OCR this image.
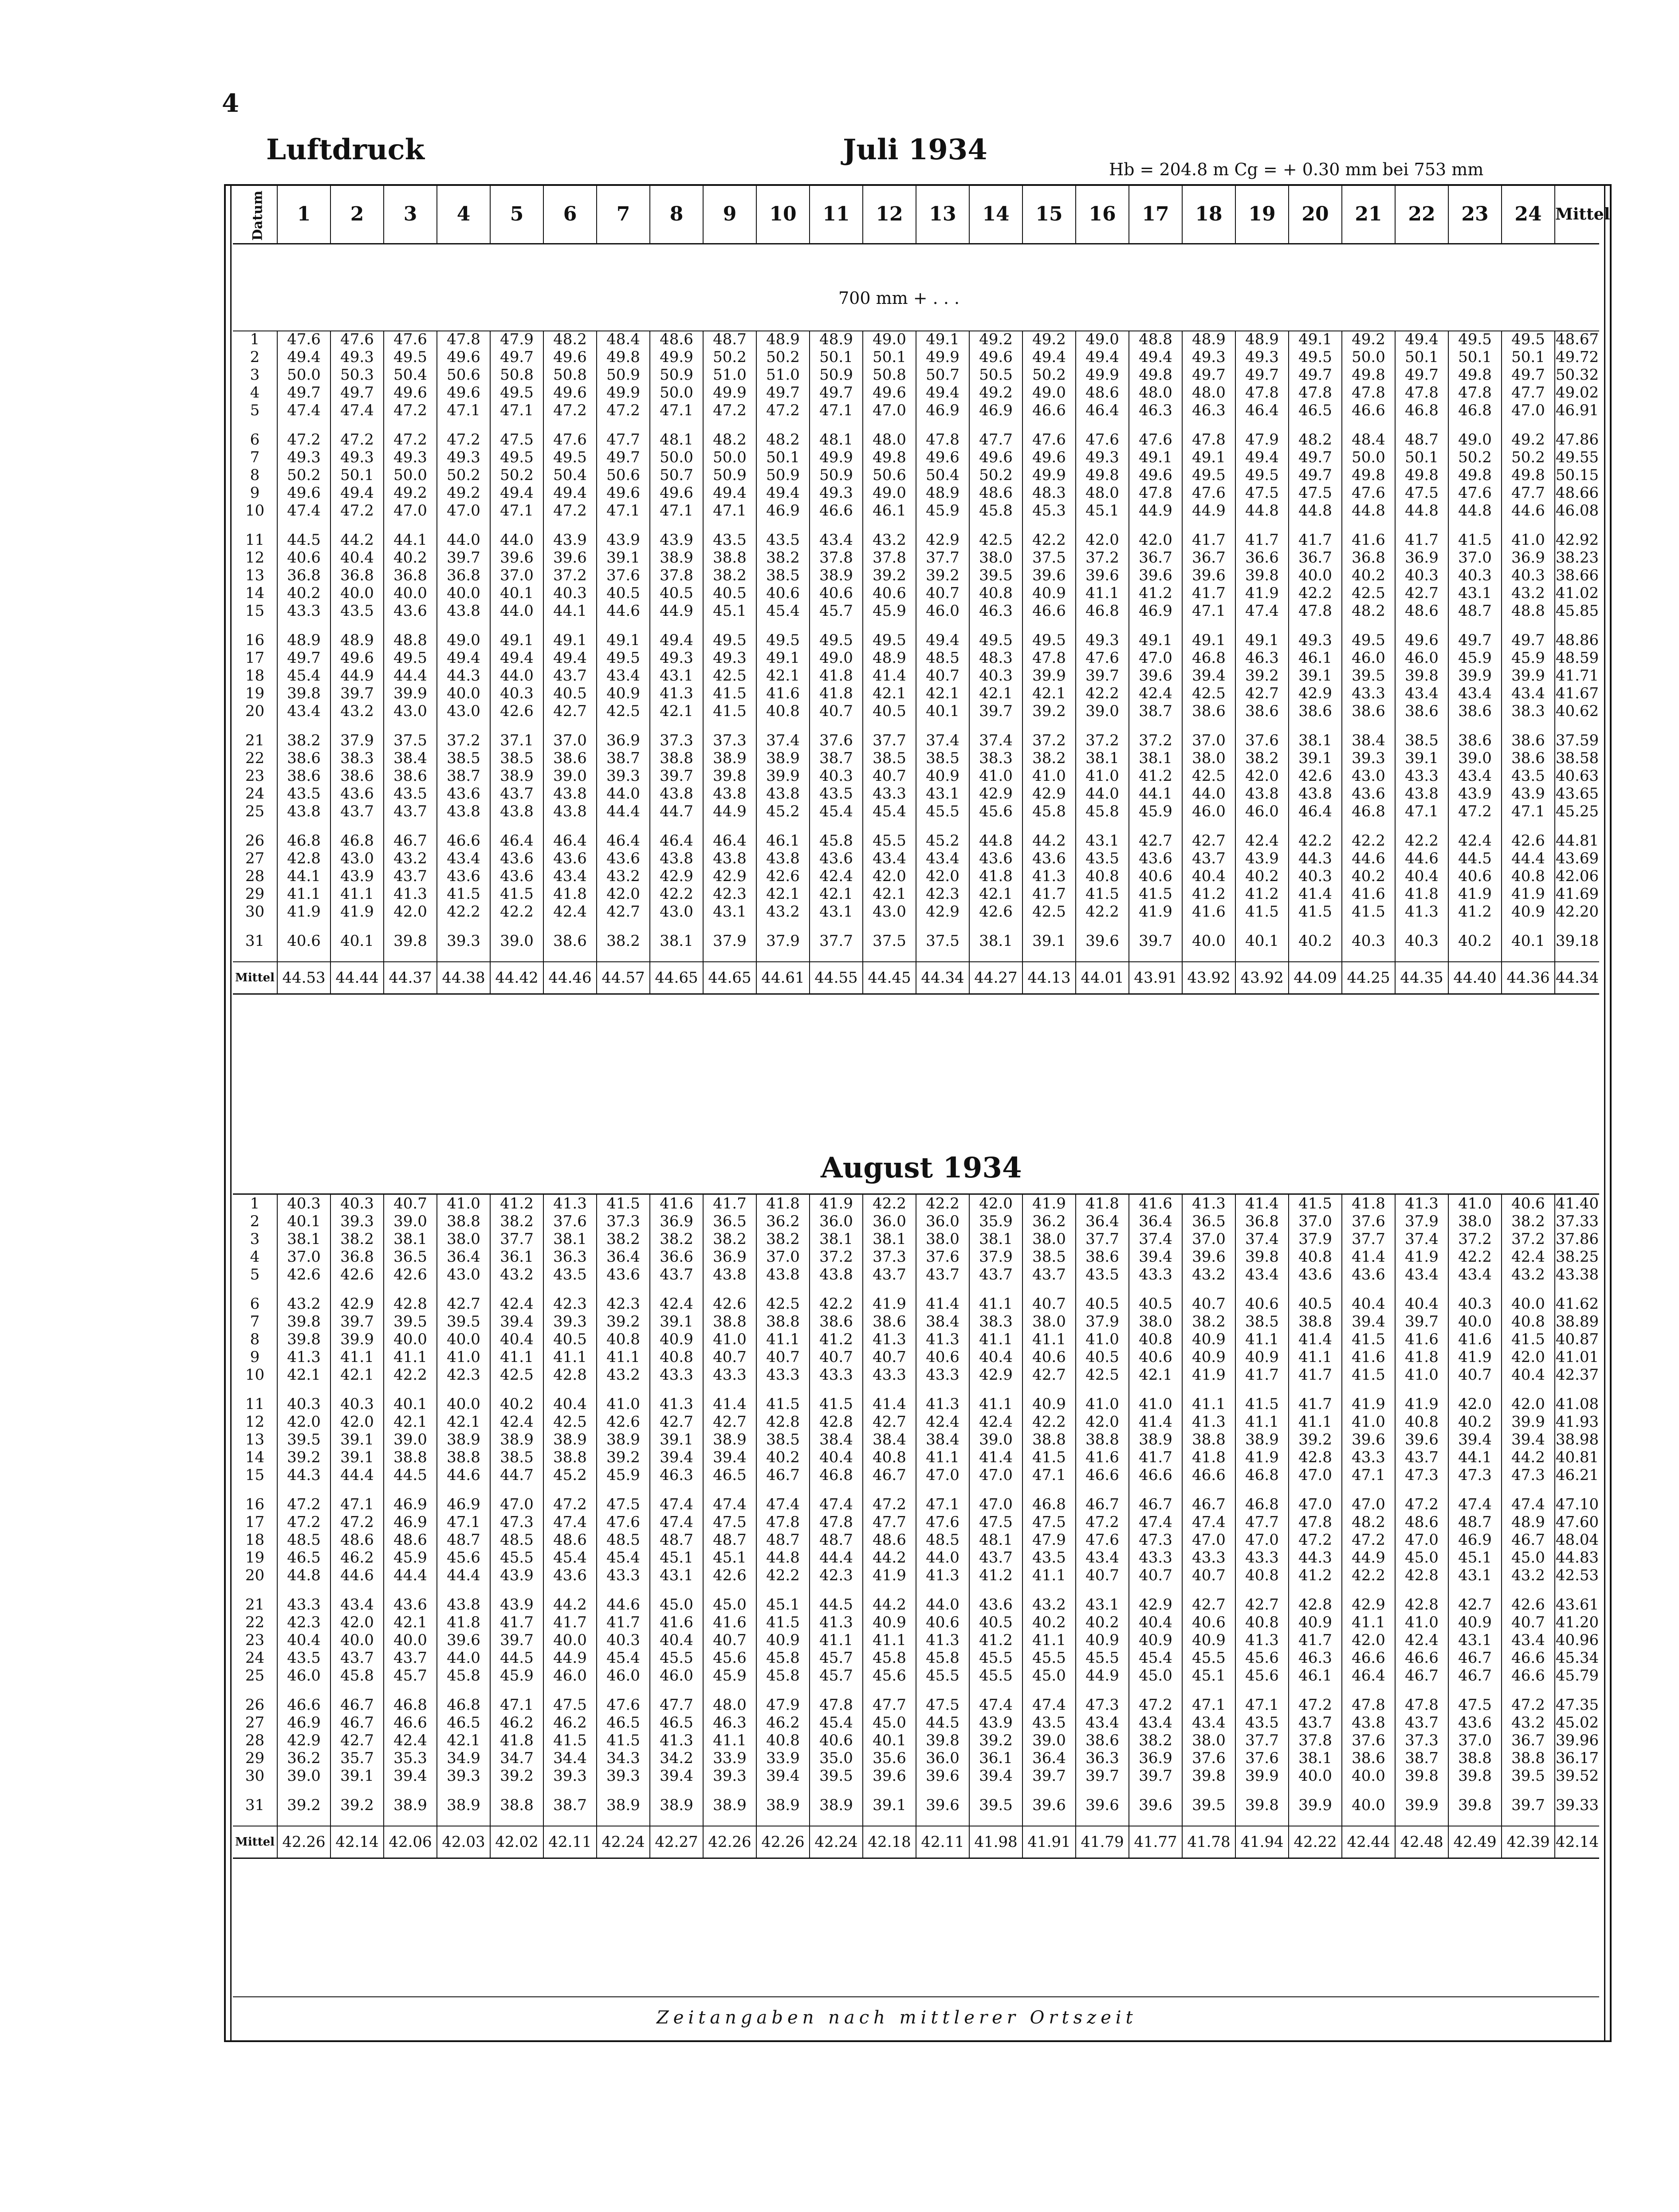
4
Luftdruck	Juli 1934
Hb = 204.8 m Cg = + 0.30 mm bei 753 mm
Datum	1	2	3	4	5	6	7	8	9	10	11	12	13	14	15	16	17	18	19	20	21	22	23	24	Mittel
700 mm + . . .
1	47.6	47.6	47.6	47.8	47.9	48.2	48.4	48.6	48.7	48.9	48.9	49.0	49.1	49.2	49.2	49.0	48.8	48.9	48.9	49.1	49.2	49.4	49.5	49.5	48.67
2	49.4	49.3	49.5	49.6	49.7	49.6	49.8	49.9	50.2	50.2	50.1	50.1	49.9	49.6	49.4	49.4	49.4	49.3	49.3	49.5	50.0	50.1	50.1	50.1	49.72
3	50.0	50.3	50.4	50.6	50.8	50.8	50.9	50.9	51.0	51.0	50.9	50.8	50.7	50.5	50.2	49.9	49.8	49.7	49.7	49.7	49.8	49.7	49.8	49.7	50.32
4	49.7	49.7	49.6	49.6	49.5	49.6	49.9	50.0	49.9	49.7	49.7	49.6	49.4	49.2	49.0	48.6	48.0	48.0	47.8	47.8	47.8	47.8	47.8	47.7	49.02
5	47.4	47.4	47.2	47.1	47.1	47.2	47.2	47.1	47.2	47.2	47.1	47.0	46.9	46.9	46.6	46.4	46.3	46.3	46.4	46.5	46.6	46.8	46.8	47.0	46.91

6	47.2	47.2	47.2	47.2	47.5	47.6	47.7	48.1	48.2	48.2	48.1	48.0	47.8	47.7	47.6	47.6	47.6	47.8	47.9	48.2	48.4	48.7	49.0	49.2	47.86
7	49.3	49.3	49.3	49.3	49.5	49.5	49.7	50.0	50.0	50.1	49.9	49.8	49.6	49.6	49.6	49.3	49.1	49.1	49.4	49.7	50.0	50.1	50.2	50.2	49.55
8	50.2	50.1	50.0	50.2	50.2	50.4	50.6	50.7	50.9	50.9	50.9	50.6	50.4	50.2	49.9	49.8	49.6	49.5	49.5	49.7	49.8	49.8	49.8	49.8	50.15
9	49.6	49.4	49.2	49.2	49.4	49.4	49.6	49.6	49.4	49.4	49.3	49.0	48.9	48.6	48.3	48.0	47.8	47.6	47.5	47.5	47.6	47.5	47.6	47.7	48.66
10	47.4	47.2	47.0	47.0	47.1	47.2	47.1	47.1	47.1	46.9	46.6	46.1	45.9	45.8	45.3	45.1	44.9	44.9	44.8	44.8	44.8	44.8	44.8	44.6	46.08

11	44.5	44.2	44.1	44.0	44.0	43.9	43.9	43.9	43.5	43.5	43.4	43.2	42.9	42.5	42.2	42.0	42.0	41.7	41.7	41.7	41.6	41.7	41.5	41.0	42.92
12	40.6	40.4	40.2	39.7	39.6	39.6	39.1	38.9	38.8	38.2	37.8	37.8	37.7	38.0	37.5	37.2	36.7	36.7	36.6	36.7	36.8	36.9	37.0	36.9	38.23
13	36.8	36.8	36.8	36.8	37.0	37.2	37.6	37.8	38.2	38.5	38.9	39.2	39.2	39.5	39.6	39.6	39.6	39.6	39.8	40.0	40.2	40.3	40.3	40.3	38.66
14	40.2	40.0	40.0	40.0	40.1	40.3	40.5	40.5	40.5	40.6	40.6	40.6	40.7	40.8	40.9	41.1	41.2	41.7	41.9	42.2	42.5	42.7	43.1	43.2	41.02
15	43.3	43.5	43.6	43.8	44.0	44.1	44.6	44.9	45.1	45.4	45.7	45.9	46.0	46.3	46.6	46.8	46.9	47.1	47.4	47.8	48.2	48.6	48.7	48.8	45.85

16	48.9	48.9	48.8	49.0	49.1	49.1	49.1	49.4	49.5	49.5	49.5	49.5	49.4	49.5	49.5	49.3	49.1	49.1	49.1	49.3	49.5	49.6	49.7	49.7	48.86
17	49.7	49.6	49.5	49.4	49.4	49.4	49.5	49.3	49.3	49.1	49.0	48.9	48.5	48.3	47.8	47.6	47.0	46.8	46.3	46.1	46.0	46.0	45.9	45.9	48.59
18	45.4	44.9	44.4	44.3	44.0	43.7	43.4	43.1	42.5	42.1	41.8	41.4	40.7	40.3	39.9	39.7	39.6	39.4	39.2	39.1	39.5	39.8	39.9	39.9	41.71
19	39.8	39.7	39.9	40.0	40.3	40.5	40.9	41.3	41.5	41.6	41.8	42.1	42.1	42.1	42.1	42.2	42.4	42.5	42.7	42.9	43.3	43.4	43.4	43.4	41.67
20	43.4	43.2	43.0	43.0	42.6	42.7	42.5	42.1	41.5	40.8	40.7	40.5	40.1	39.7	39.2	39.0	38.7	38.6	38.6	38.6	38.6	38.6	38.6	38.3	40.62

21	38.2	37.9	37.5	37.2	37.1	37.0	36.9	37.3	37.3	37.4	37.6	37.7	37.4	37.4	37.2	37.2	37.2	37.0	37.6	38.1	38.4	38.5	38.6	38.6	37.59
22	38.6	38.3	38.4	38.5	38.5	38.6	38.7	38.8	38.9	38.9	38.7	38.5	38.5	38.3	38.2	38.1	38.1	38.0	38.2	39.1	39.3	39.1	39.0	38.6	38.58
23	38.6	38.6	38.6	38.7	38.9	39.0	39.3	39.7	39.8	39.9	40.3	40.7	40.9	41.0	41.0	41.0	41.2	42.5	42.0	42.6	43.0	43.3	43.4	43.5	40.63
24	43.5	43.6	43.5	43.6	43.7	43.8	44.0	43.8	43.8	43.8	43.5	43.3	43.1	42.9	42.9	44.0	44.1	44.0	43.8	43.8	43.6	43.8	43.9	43.9	43.65
25	43.8	43.7	43.7	43.8	43.8	43.8	44.4	44.7	44.9	45.2	45.4	45.4	45.5	45.6	45.8	45.8	45.9	46.0	46.0	46.4	46.8	47.1	47.2	47.1	45.25

26	46.8	46.8	46.7	46.6	46.4	46.4	46.4	46.4	46.4	46.1	45.8	45.5	45.2	44.8	44.2	43.1	42.7	42.7	42.4	42.2	42.2	42.2	42.4	42.6	44.81
27	42.8	43.0	43.2	43.4	43.6	43.6	43.6	43.8	43.8	43.8	43.6	43.4	43.4	43.6	43.6	43.5	43.6	43.7	43.9	44.3	44.6	44.6	44.5	44.4	43.69
28	44.1	43.9	43.7	43.6	43.6	43.4	43.2	42.9	42.9	42.6	42.4	42.0	42.0	41.8	41.3	40.8	40.6	40.4	40.2	40.3	40.2	40.4	40.6	40.8	42.06
29	41.1	41.1	41.3	41.5	41.5	41.8	42.0	42.2	42.3	42.1	42.1	42.1	42.3	42.1	41.7	41.5	41.5	41.2	41.2	41.4	41.6	41.8	41.9	41.9	41.69
30	41.9	41.9	42.0	42.2	42.2	42.4	42.7	43.0	43.1	43.2	43.1	43.0	42.9	42.6	42.5	42.2	41.9	41.6	41.5	41.5	41.5	41.3	41.2	40.9	42.20

31	40.6	40.1	39.8	39.3	39.0	38.6	38.2	38.1	37.9	37.9	37.7	37.5	37.5	38.1	39.1	39.6	39.7	40.0	40.1	40.2	40.3	40.3	40.2	40.1	39.18

Mittel	44.53	44.44	44.37	44.38	44.42	44.46	44.57	44.65	44.65	44.61	44.55	44.45	44.34	44.27	44.13	44.01	43.91	43.92	43.92	44.09	44.25	44.35	44.40	44.36	44.34
August 1934
1	40.3	40.3	40.7	41.0	41.2	41.3	41.5	41.6	41.7	41.8	41.9	42.2	42.2	42.0	41.9	41.8	41.6	41.3	41.4	41.5	41.8	41.3	41.0	40.6	41.40
2	40.1	39.3	39.0	38.8	38.2	37.6	37.3	36.9	36.5	36.2	36.0	36.0	36.0	35.9	36.2	36.4	36.4	36.5	36.8	37.0	37.6	37.9	38.0	38.2	37.33
3	38.1	38.2	38.1	38.0	37.7	38.1	38.2	38.2	38.2	38.2	38.1	38.1	38.0	38.1	38.0	37.7	37.4	37.0	37.4	37.9	37.7	37.4	37.2	37.2	37.86
4	37.0	36.8	36.5	36.4	36.1	36.3	36.4	36.6	36.9	37.0	37.2	37.3	37.6	37.9	38.5	38.6	39.4	39.6	39.8	40.8	41.4	41.9	42.2	42.4	38.25
5	42.6	42.6	42.6	43.0	43.2	43.5	43.6	43.7	43.8	43.8	43.8	43.7	43.7	43.7	43.7	43.5	43.3	43.2	43.4	43.6	43.6	43.4	43.4	43.2	43.38

6	43.2	42.9	42.8	42.7	42.4	42.3	42.3	42.4	42.6	42.5	42.2	41.9	41.4	41.1	40.7	40.5	40.5	40.7	40.6	40.5	40.4	40.4	40.3	40.0	41.62
7	39.8	39.7	39.5	39.5	39.4	39.3	39.2	39.1	38.8	38.8	38.6	38.6	38.4	38.3	38.0	37.9	38.0	38.2	38.5	38.8	39.4	39.7	40.0	40.8	38.89
8	39.8	39.9	40.0	40.0	40.4	40.5	40.8	40.9	41.0	41.1	41.2	41.3	41.3	41.1	41.1	41.0	40.8	40.9	41.1	41.4	41.5	41.6	41.6	41.5	40.87
9	41.3	41.1	41.1	41.0	41.1	41.1	41.1	40.8	40.7	40.7	40.7	40.7	40.6	40.4	40.6	40.5	40.6	40.9	40.9	41.1	41.6	41.8	41.9	42.0	41.01
10	42.1	42.1	42.2	42.3	42.5	42.8	43.2	43.3	43.3	43.3	43.3	43.3	43.3	42.9	42.7	42.5	42.1	41.9	41.7	41.7	41.5	41.0	40.7	40.4	42.37

11	40.3	40.3	40.1	40.0	40.2	40.4	41.0	41.3	41.4	41.5	41.5	41.4	41.3	41.1	40.9	41.0	41.0	41.1	41.5	41.7	41.9	41.9	42.0	42.0	41.08
12	42.0	42.0	42.1	42.1	42.4	42.5	42.6	42.7	42.7	42.8	42.8	42.7	42.4	42.4	42.2	42.0	41.4	41.3	41.1	41.1	41.0	40.8	40.2	39.9	41.93
13	39.5	39.1	39.0	38.9	38.9	38.9	38.9	39.1	38.9	38.5	38.4	38.4	38.4	39.0	38.8	38.8	38.9	38.8	38.9	39.2	39.6	39.6	39.4	39.4	38.98
14	39.2	39.1	38.8	38.8	38.5	38.8	39.2	39.4	39.4	40.2	40.4	40.8	41.1	41.4	41.5	41.6	41.7	41.8	41.9	42.8	43.3	43.7	44.1	44.2	40.81
15	44.3	44.4	44.5	44.6	44.7	45.2	45.9	46.3	46.5	46.7	46.8	46.7	47.0	47.0	47.1	46.6	46.6	46.6	46.8	47.0	47.1	47.3	47.3	47.3	46.21

16	47.2	47.1	46.9	46.9	47.0	47.2	47.5	47.4	47.4	47.4	47.4	47.2	47.1	47.0	46.8	46.7	46.7	46.7	46.8	47.0	47.0	47.2	47.4	47.4	47.10
17	47.2	47.2	46.9	47.1	47.3	47.4	47.6	47.4	47.5	47.8	47.8	47.7	47.6	47.5	47.5	47.2	47.4	47.4	47.7	47.8	48.2	48.6	48.7	48.9	47.60
18	48.5	48.6	48.6	48.7	48.5	48.6	48.5	48.7	48.7	48.7	48.7	48.6	48.5	48.1	47.9	47.6	47.3	47.0	47.0	47.2	47.2	47.0	46.9	46.7	48.04
19	46.5	46.2	45.9	45.6	45.5	45.4	45.4	45.1	45.1	44.8	44.4	44.2	44.0	43.7	43.5	43.4	43.3	43.3	43.3	44.3	44.9	45.0	45.1	45.0	44.83
20	44.8	44.6	44.4	44.4	43.9	43.6	43.3	43.1	42.6	42.2	42.3	41.9	41.3	41.2	41.1	40.7	40.7	40.7	40.8	41.2	42.2	42.8	43.1	43.2	42.53

21	43.3	43.4	43.6	43.8	43.9	44.2	44.6	45.0	45.0	45.1	44.5	44.2	44.0	43.6	43.2	43.1	42.9	42.7	42.7	42.8	42.9	42.8	42.7	42.6	43.61
22	42.3	42.0	42.1	41.8	41.7	41.7	41.7	41.6	41.6	41.5	41.3	40.9	40.6	40.5	40.2	40.2	40.4	40.6	40.8	40.9	41.1	41.0	40.9	40.7	41.20
23	40.4	40.0	40.0	39.6	39.7	40.0	40.3	40.4	40.7	40.9	41.1	41.1	41.3	41.2	41.1	40.9	40.9	40.9	41.3	41.7	42.0	42.4	43.1	43.4	40.96
24	43.5	43.7	43.7	44.0	44.5	44.9	45.4	45.5	45.6	45.8	45.7	45.8	45.8	45.5	45.5	45.5	45.4	45.5	45.6	46.3	46.6	46.6	46.7	46.6	45.34
25	46.0	45.8	45.7	45.8	45.9	46.0	46.0	46.0	45.9	45.8	45.7	45.6	45.5	45.5	45.0	44.9	45.0	45.1	45.6	46.1	46.4	46.7	46.7	46.6	45.79

26	46.6	46.7	46.8	46.8	47.1	47.5	47.6	47.7	48.0	47.9	47.8	47.7	47.5	47.4	47.4	47.3	47.2	47.1	47.1	47.2	47.8	47.8	47.5	47.2	47.35
27	46.9	46.7	46.6	46.5	46.2	46.2	46.5	46.5	46.3	46.2	45.4	45.0	44.5	43.9	43.5	43.4	43.4	43.4	43.5	43.7	43.8	43.7	43.6	43.2	45.02
28	42.9	42.7	42.4	42.1	41.8	41.5	41.5	41.3	41.1	40.8	40.6	40.1	39.8	39.2	39.0	38.6	38.2	38.0	37.7	37.8	37.6	37.3	37.0	36.7	39.96
29	36.2	35.7	35.3	34.9	34.7	34.4	34.3	34.2	33.9	33.9	35.0	35.6	36.0	36.1	36.4	36.3	36.9	37.6	37.6	38.1	38.6	38.7	38.8	38.8	36.17
30	39.0	39.1	39.4	39.3	39.2	39.3	39.3	39.4	39.3	39.4	39.5	39.6	39.6	39.4	39.7	39.7	39.7	39.8	39.9	40.0	40.0	39.8	39.8	39.5	39.52

31	39.2	39.2	38.9	38.9	38.8	38.7	38.9	38.9	38.9	38.9	38.9	39.1	39.6	39.5	39.6	39.6	39.6	39.5	39.8	39.9	40.0	39.9	39.8	39.7	39.33

Mittel	42.26	42.14	42.06	42.03	42.02	42.11	42.24	42.27	42.26	42.26	42.24	42.18	42.11	41.98	41.91	41.79	41.77	41.78	41.94	42.22	42.44	42.48	42.49	42.39	42.14
Zeitangaben nach mittlerer Ortszeit
